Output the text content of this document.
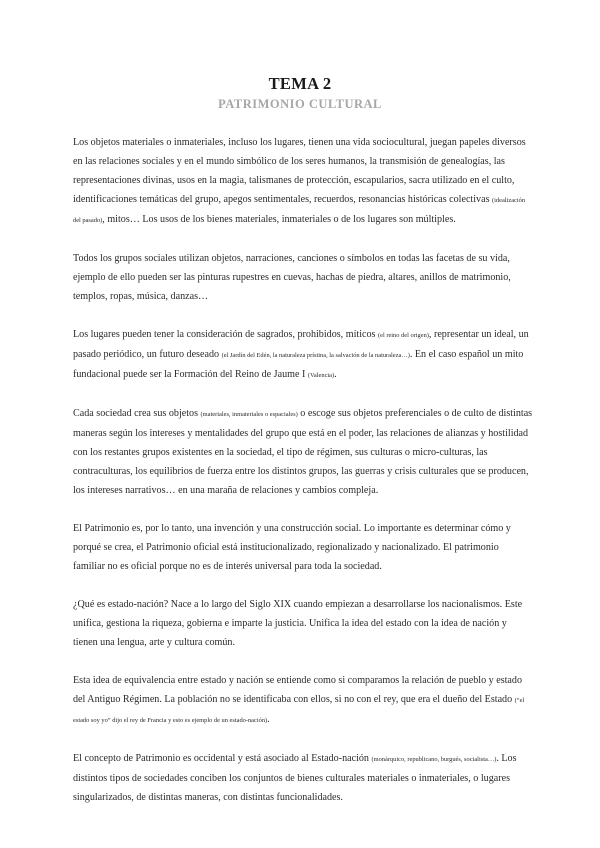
TEMA 2
PATRIMONIO CULTURAL

Los objetos materiales o inmateriales, incluso los lugares, tienen una vida sociocultural, juegan papeles diversos en las relaciones sociales y en el mundo simbólico de los seres humanos, la transmisión de genealogías, las representaciones divinas, usos en la magia, talismanes de protección, escapularios, sacra utilizado en el culto, identificaciones temáticas del grupo, apegos sentimentales, recuerdos, resonancias históricas colectivas (idealización del pasado), mitos… Los usos de los bienes materiales, inmateriales o de los lugares son múltiples.

Todos los grupos sociales utilizan objetos, narraciones, canciones o símbolos en todas las facetas de su vida, ejemplo de ello pueden ser las pinturas rupestres en cuevas, hachas de piedra, altares, anillos de matrimonio, templos, ropas, música, danzas…

Los lugares pueden tener la consideración de sagrados, prohibidos, míticos (el reino del origen), representar un ideal, un pasado periódico, un futuro deseado (el Jardín del Edén, la naturaleza prístina, la salvación de la naturaleza…). En el caso español un mito fundacional puede ser la Formación del Reino de Jaume I (Valencia).

Cada sociedad crea sus objetos (materiales, inmateriales o espaciales) o escoge sus objetos preferenciales o de culto de distintas maneras según los intereses y mentalidades del grupo que está en el poder, las relaciones de alianzas y hostilidad con los restantes grupos existentes en la sociedad, el tipo de régimen, sus culturas o micro-culturas, las contraculturas, los equilibrios de fuerza entre los distintos grupos, las guerras y crisis culturales que se producen, los intereses narrativos… en una maraña de relaciones y cambios compleja.

El Patrimonio es, por lo tanto, una invención y una construcción social. Lo importante es determinar cómo y porqué se crea, el Patrimonio oficial está institucionalizado, regionalizado y nacionalizado. El patrimonio familiar no es oficial porque no es de interés universal para toda la sociedad.

¿Qué es estado-nación? Nace a lo largo del Siglo XIX cuando empiezan a desarrollarse los nacionalismos. Este unifica, gestiona la riqueza, gobierna e imparte la justicia. Unifica la idea del estado con la idea de nación y tienen una lengua, arte y cultura común.

Esta idea de equivalencia entre estado y nación se entiende como si comparamos la relación de pueblo y estado del Antiguo Régimen. La población no se identificaba con ellos, si no con el rey, que era el dueño del Estado (“el estado soy yo” dijo el rey de Francia y esto es ejemplo de un estado-nación).

El concepto de Patrimonio es occidental y está asociado al Estado-nación (monárquico, republicano, burgués, socialista…). Los distintos tipos de sociedades conciben los conjuntos de bienes culturales materiales o inmateriales, o lugares singularizados, de distintas maneras, con distintas funcionalidades.
